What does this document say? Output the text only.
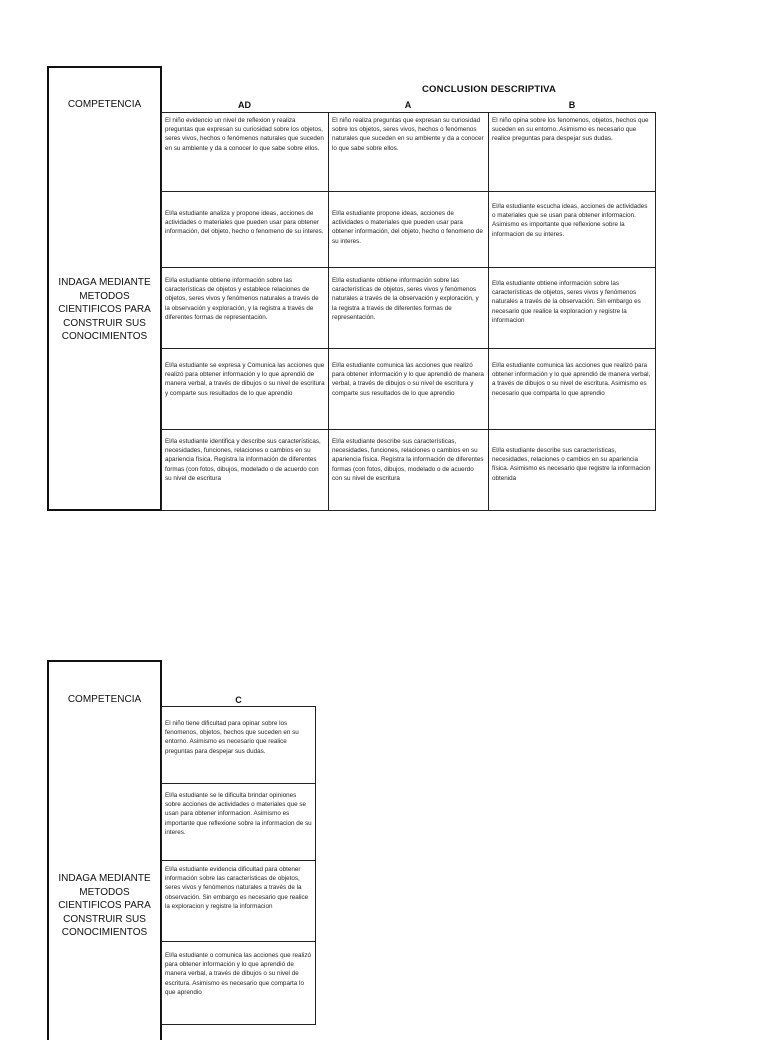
COMPETENCIA
INDAGA MEDIANTE METODOS CIENTIFICOS PARA CONSTRUIR SUS CONOCIMIENTOS
CONCLUSION DESCRIPTIVA
AD	A	B
El niño evidencio un nivel de reflexion y realiza preguntas que expresan su curiosidad sobre los objetos, seres vivos, hechos o fenómenos naturales que suceden en su ambiente y da a conocer lo que sabe sobre ellos.
El niño realiza preguntas que expresan su curiosidad sobre los objetos, seres vivos, hechos o fenómenos naturales que suceden en su ambiente y da a conocer lo que sabe sobre ellos.
El niño opina sobre los fenomenos, objetos, hechos que suceden en su entorno. Asimismo es necesario que realice preguntas para despejar sus dudas.
El/la estudiante analiza y propone ideas, acciones de actividades o materiales que pueden usar para obtener información, del objeto, hecho o fenomeno de su interes.
El/la estudiante propone ideas, acciones de actividades o materiales que pueden usar para obtener información, del objeto, hecho o fenomeno de su interes.
El/la estudiante escucha ideas, acciones de actividades o materiales que se usan para obtener informacion. Asimismo es importante que reflexione sobre la informacion de su interes.
El/la estudiante obtiene información sobre las características de objetos y establece relaciones de objetos, seres vivos y fenómenos naturales a través de la observación y exploración, y la registra a través de diferentes formas de representación.
El/la estudiante obtiene información sobre las características de objetos, seres vivos y fenómenos naturales a través de la observación y exploración, y la registra a través de diferentes formas de representación.
El/la estudiante obtiene información sobre las características de objetos, seres vivos y fenómenos naturales a través de la observación. Sin embargo es necesario que realice la exploracion y registre la informacion
El/la estudiante se expresa y Comunica las acciones que realizó para obtener información y lo que aprendió de manera verbal, a través de dibujos o su nivel de escritura y comparte sus resultados de lo que aprendio
El/la estudiante comunica las acciones que realizó para obtener información y lo que aprendió de manera verbal, a través de dibujos o su nivel de escritura y comparte sus resultados de lo que aprendio
El/la estudiante comunica las acciones que realizó para obtener información y lo que aprendió de manera verbal, a través de dibujos o su nivel de escritura. Asimismo es necesario que comparta lo que aprendio
El/la estudiante identifica y describe sus características, necesidades, funciones, relaciones o cambios en su apariencia física. Registra la información de diferentes formas (con fotos, dibujos, modelado o de acuerdo con su nivel de escritura
El/la estudiante describe sus características, necesidades, funciones, relaciones o cambios en su apariencia física. Registra la información de diferentes formas (con fotos, dibujos, modelado o de acuerdo con su nivel de escritura
El/la estudiante describe sus características, necesidades, relaciones o cambios en su apariencia física. Asimismo es necesario que registre la informacion obtenida
COMPETENCIA
INDAGA MEDIANTE METODOS CIENTIFICOS PARA CONSTRUIR SUS CONOCIMIENTOS
C
El niño tiene dificultad para opinar sobre los fenomenos, objetos, hechos que suceden en su entorno. Asimismo es necesario que realice preguntas para despejar sus dudas.
El/la estudiante se le dificulta brindar opiniones sobre acciones de actividades o materiales que se usan para obtener informacion. Asimismo es importante que reflexione sobre la informacion de su interes.
El/la estudiante evidencia dificultad para obtener información sobre las características de objetos, seres vivos y fenómenos naturales a través de la observación. Sin embargo es necesario que realice la exploracion y registre la informacion
El/la estudiante o comunica las acciones que realizó para obtener información y lo que aprendió de manera verbal, a través de dibujos o su nivel de escritura. Asimismo es necesario que comparta lo que aprendio
